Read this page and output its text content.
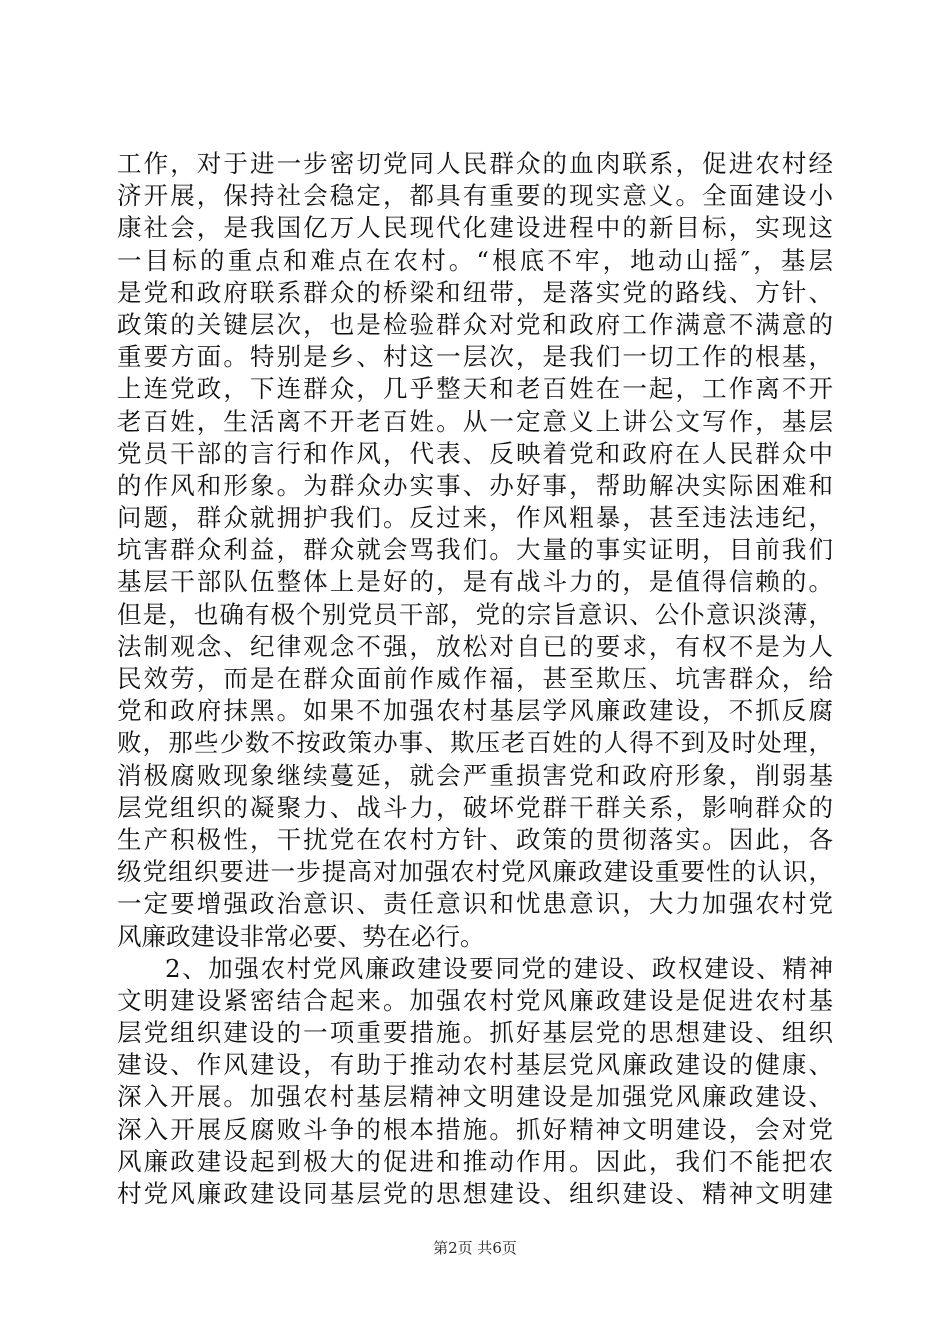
工作，对于进一步密切党同人民群众的血肉联系，促进农村经
济开展，保持社会稳定，都具有重要的现实意义。全面建设小
康社会，是我国亿万人民现代化建设进程中的新目标，实现这
一目标的重点和难点在农村。“根底不牢，地动山摇″，基层
是党和政府联系群众的桥梁和纽带，是落实党的路线、方针、
政策的关键层次，也是检验群众对党和政府工作满意不满意的
重要方面。特别是乡、村这一层次，是我们一切工作的根基，
上连党政，下连群众，几乎整天和老百姓在一起，工作离不开
老百姓，生活离不开老百姓。从一定意义上讲公文写作，基层
党员干部的言行和作风，代表、反映着党和政府在人民群众中
的作风和形象。为群众办实事、办好事，帮助解决实际困难和
问题，群众就拥护我们。反过来，作风粗暴，甚至违法违纪，
坑害群众利益，群众就会骂我们。大量的事实证明，目前我们
基层干部队伍整体上是好的，是有战斗力的，是值得信赖的。
但是，也确有极个别党员干部，党的宗旨意识、公仆意识淡薄，
法制观念、纪律观念不强，放松对自已的要求，有权不是为人
民效劳，而是在群众面前作威作福，甚至欺压、坑害群众，给
党和政府抹黑。如果不加强农村基层学风廉政建设，不抓反腐
败，那些少数不按政策办事、欺压老百姓的人得不到及时处理，
消极腐败现象继续蔓延，就会严重损害党和政府形象，削弱基
层党组织的凝聚力、战斗力，破坏党群干群关系，影响群众的
生产积极性，干扰党在农村方针、政策的贯彻落实。因此，各
级党组织要进一步提高对加强农村党风廉政建设重要性的认识，
一定要增强政治意识、责任意识和忧患意识，大力加强农村党
风廉政建设非常必要、势在必行。
2、加强农村党风廉政建设要同党的建设、政权建设、精神
文明建设紧密结合起来。加强农村党风廉政建设是促进农村基
层党组织建设的一项重要措施。抓好基层党的思想建设、组织
建设、作风建设，有助于推动农村基层党风廉政建设的健康、
深入开展。加强农村基层精神文明建设是加强党风廉政建设、
深入开展反腐败斗争的根本措施。抓好精神文明建设，会对党
风廉政建设起到极大的促进和推动作用。因此，我们不能把农
村党风廉政建设同基层党的思想建设、组织建设、精神文明建
第2页 共6页
